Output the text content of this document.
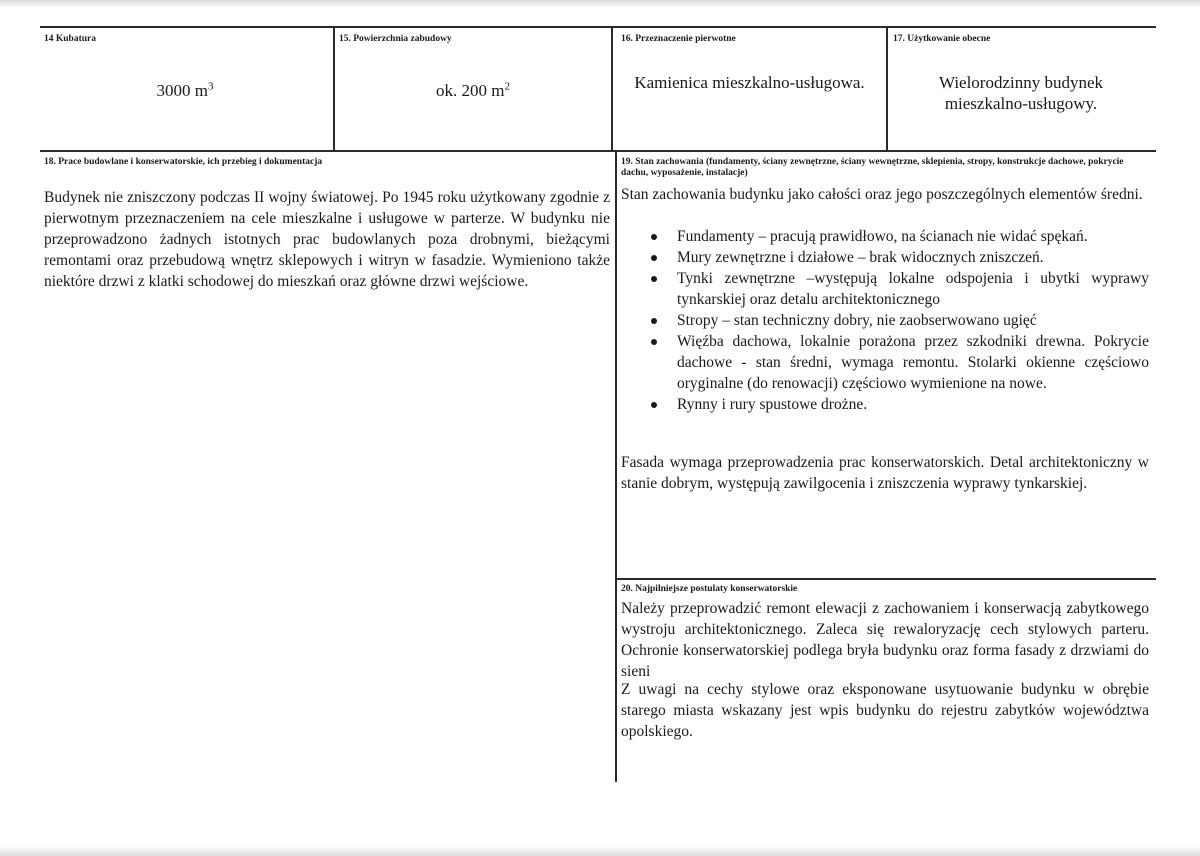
14 Kubatura
3000 $m^3$
15. Powierzchnia zabudowy
ok. 200 $m^2$
16. Przeznaczenie pierwotne
Kamienica mieszkalno-usługowa.
17. Użytkowanie obecne
Wielorodzinny budynek mieszkalno-usługowy.
18. Prace budowlane i konserwatorskie, ich przebieg i dokumentacja
Budynek nie zniszczony podczas II wojny światowej. Po 1945 roku użytkowany zgodnie z pierwotnym przeznaczeniem na cele mieszkalne i usługowe w parterze. W budynku nie przeprowadzono żadnych istotnych prac budowlanych poza drobnymi, bieżącymi remontami oraz przebudową wnętrz sklepowych i witryn w fasadzie. Wymieniono także niektóre drzwi z klatki schodowej do mieszkań oraz główne drzwi wejściowe.
19. Stan zachowania (fundamenty, ściany zewnętrzne, ściany wewnętrzne, sklepienia, stropy, konstrukcje dachowe, pokrycie dachu, wyposażenie, instalacje)
Stan zachowania budynku jako całości oraz jego poszczególnych elementów średni.
Fundamenty – pracują prawidłowo, na ścianach nie widać spękań.
Mury zewnętrzne i działowe – brak widocznych zniszczeń.
Tynki zewnętrzne –występują lokalne odspojenia i ubytki wyprawy tynkarskiej oraz detalu architektonicznego
Stropy – stan techniczny dobry, nie zaobserwowano ugięć
Więźba dachowa, lokalnie porażona przez szkodniki drewna. Pokrycie dachowe - stan średni, wymaga remontu. Stolarki okienne częściowo oryginalne (do renowacji) częściowo wymienione na nowe.
Rynny i rury spustowe drożne.
Fasada wymaga przeprowadzenia prac konserwatorskich. Detal architektoniczny w stanie dobrym, występują zawilgocenia i zniszczenia wyprawy tynkarskiej.
20. Najpilniejsze postulaty konserwatorskie
Należy przeprowadzić remont elewacji z zachowaniem i konserwacją zabytkowego wystroju architektonicznego. Zaleca się rewaloryzację cech stylowych parteru. Ochronie konserwatorskiej podlega bryła budynku oraz forma fasady z drzwiami do sieni
Z uwagi na cechy stylowe oraz eksponowane usytuowanie budynku w obrębie starego miasta wskazany jest wpis budynku do rejestru zabytków województwa opolskiego.
